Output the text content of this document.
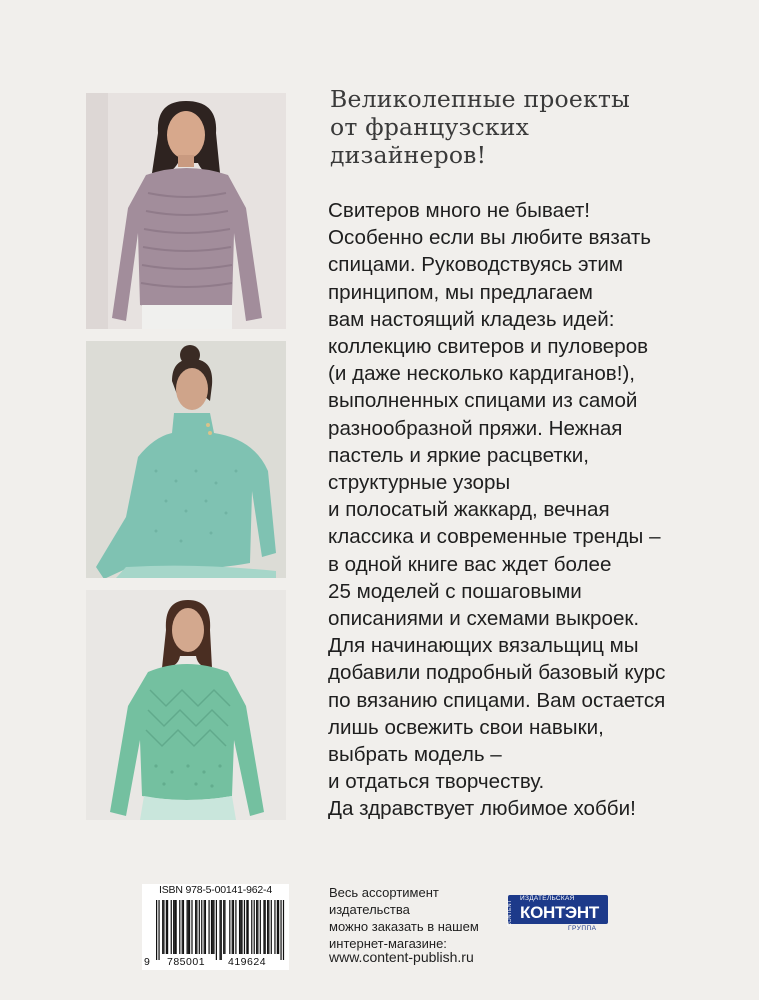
Великолепные проекты
от французских
дизайнеров!
Свитеров много не бывает!
Особенно если вы любите вязать
спицами. Руководствуясь этим
принципом, мы предлагаем
вам настоящий кладезь идей:
коллекцию свитеров и пуловеров
(и даже несколько кардиганов!),
выполненных спицами из самой
разнообразной пряжи. Нежная
пастель и яркие расцветки,
структурные узоры
и полосатый жаккард, вечная
классика и современные тренды –
в одной книге вас ждет более
25 моделей с пошаговыми
описаниями и схемами выкроек.
Для начинающих вязальщиц мы
добавили подробный базовый курс
по вязанию спицами. Вам остается
лишь освежить свои навыки,
выбрать модель –
и отдаться творчеству.
Да здравствует любимое хобби!
ISBN 978-5-00141-962-4
9 785001 419624
Весь ассортимент
издательства
можно заказать в нашем
интернет-магазине:
www.content-publish.ru
CONTENT
ИЗДАТЕЛЬСКАЯ
КОНТЭНТ
ГРУППА
